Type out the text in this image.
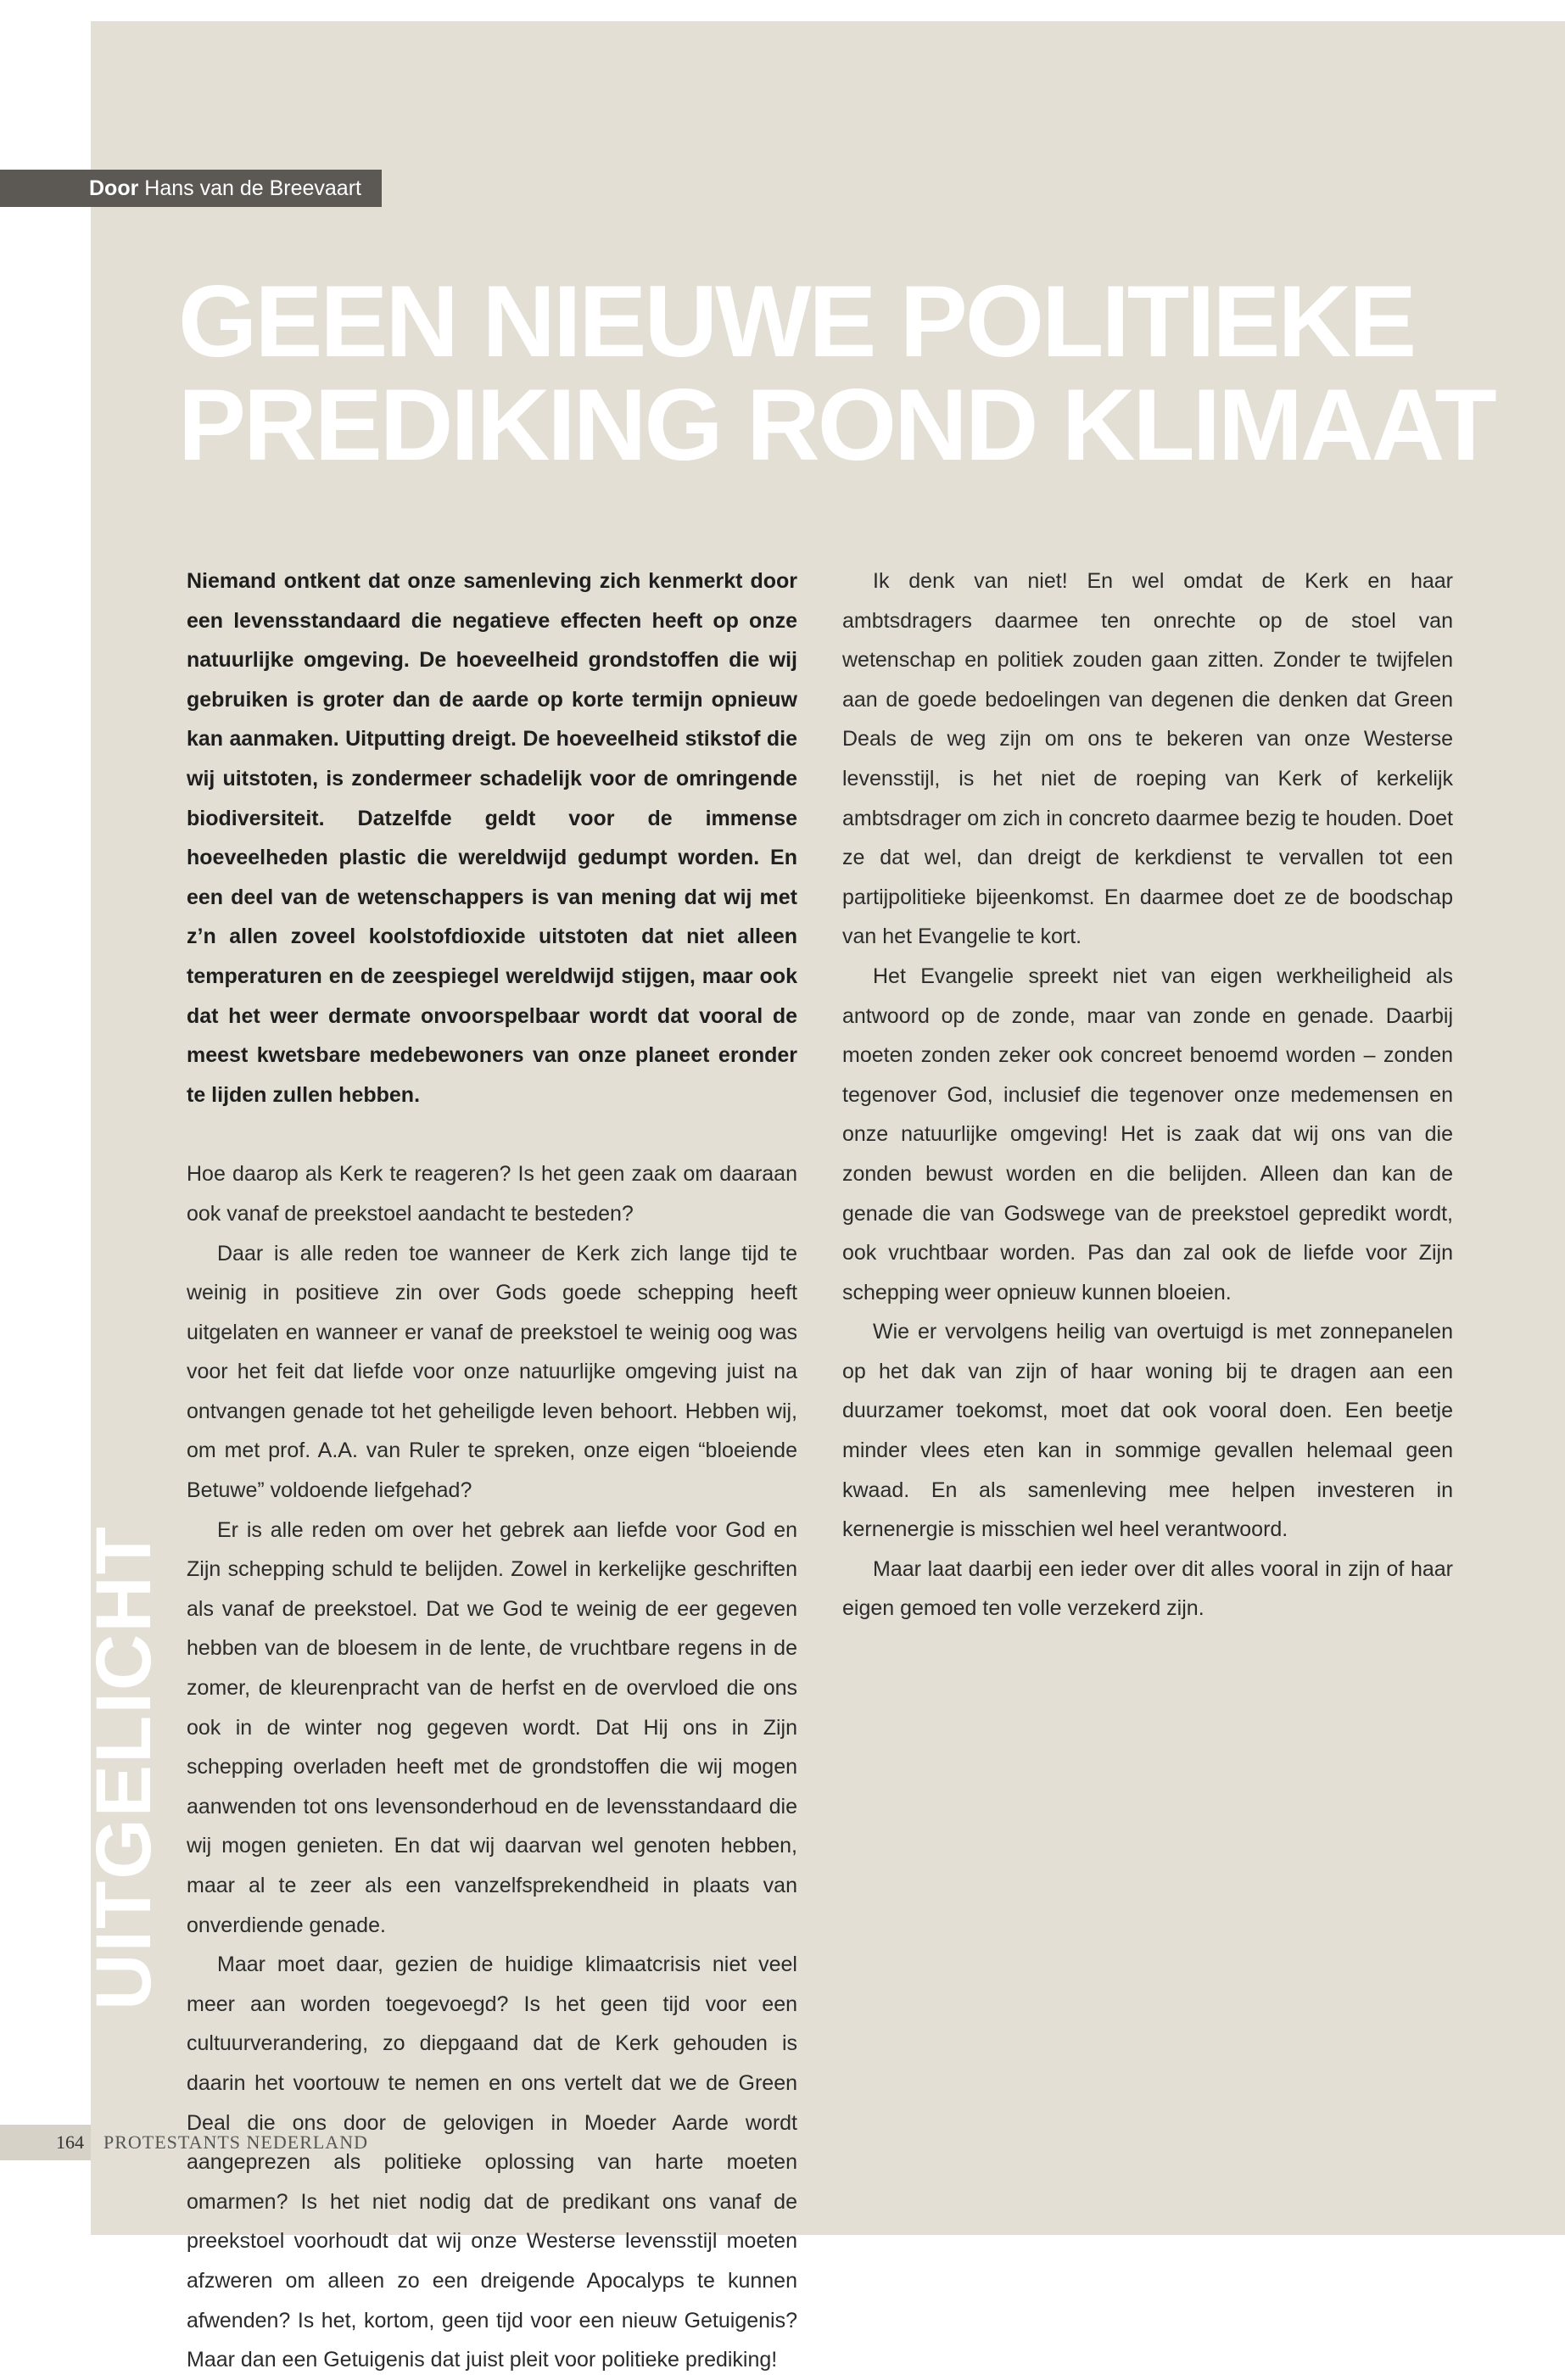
Door Hans van de Breevaart
GEEN NIEUWE POLITIEKE
PREDIKING ROND KLIMAAT

Niemand ontkent dat onze samenleving zich kenmerkt door een levensstandaard die negatieve effecten heeft op onze natuurlijke omgeving. De hoeveelheid grondstoffen die wij gebruiken is groter dan de aarde op korte termijn opnieuw kan aanmaken. Uitputting dreigt. De hoeveelheid stikstof die wij uitstoten, is zondermeer schadelijk voor de omringende biodiversiteit. Datzelfde geldt voor de immense hoeveelheden plastic die wereldwijd gedumpt worden. En een deel van de wetenschappers is van mening dat wij met z’n allen zoveel koolstofdioxide uitstoten dat niet alleen temperaturen en de zeespiegel wereldwijd stijgen, maar ook dat het weer dermate onvoorspelbaar wordt dat vooral de meest kwetsbare medebewoners van onze planeet eronder te lijden zullen hebben.

Hoe daarop als Kerk te reageren? Is het geen zaak om daaraan ook vanaf de preekstoel aandacht te besteden?

Daar is alle reden toe wanneer de Kerk zich lange tijd te weinig in positieve zin over Gods goede schepping heeft uitgelaten en wanneer er vanaf de preekstoel te weinig oog was voor het feit dat liefde voor onze natuurlijke omgeving juist na ontvangen genade tot het geheiligde leven behoort. Hebben wij, om met prof. A.A. van Ruler te spreken, onze eigen “bloeiende Betuwe” voldoende liefgehad?

Er is alle reden om over het gebrek aan liefde voor God en Zijn schepping schuld te belijden. Zowel in kerkelijke geschriften als vanaf de preekstoel. Dat we God te weinig de eer gegeven hebben van de bloesem in de lente, de vruchtbare regens in de zomer, de kleurenpracht van de herfst en de overvloed die ons ook in de winter nog gegeven wordt. Dat Hij ons in Zijn schepping overladen heeft met de grondstoffen die wij mogen aanwenden tot ons levensonderhoud en de levensstandaard die wij mogen genieten. En dat wij daarvan wel genoten hebben, maar al te zeer als een vanzelfsprekendheid in plaats van onverdiende genade.

Maar moet daar, gezien de huidige klimaatcrisis niet veel meer aan worden toegevoegd? Is het geen tijd voor een cultuurverandering, zo diepgaand dat de Kerk gehouden is daarin het voortouw te nemen en ons vertelt dat we de Green Deal die ons door de gelovigen in Moeder Aarde wordt aangeprezen als politieke oplossing van harte moeten omarmen? Is het niet nodig dat de predikant ons vanaf de preekstoel voorhoudt dat wij onze Westerse levensstijl moeten afzweren om alleen zo een dreigende Apocalyps te kunnen afwenden? Is het, kortom, geen tijd voor een nieuw Getuigenis? Maar dan een Getuigenis dat juist pleit voor politieke prediking!

Ik denk van niet! En wel omdat de Kerk en haar ambtsdragers daarmee ten onrechte op de stoel van wetenschap en politiek zouden gaan zitten. Zonder te twijfelen aan de goede bedoelingen van degenen die denken dat Green Deals de weg zijn om ons te bekeren van onze Westerse levensstijl, is het niet de roeping van Kerk of kerkelijk ambtsdrager om zich in concreto daarmee bezig te houden. Doet ze dat wel, dan dreigt de kerkdienst te vervallen tot een partijpolitieke bijeenkomst. En daarmee doet ze de boodschap van het Evangelie te kort.

Het Evangelie spreekt niet van eigen werkheiligheid als antwoord op de zonde, maar van zonde en genade. Daarbij moeten zonden zeker ook concreet benoemd worden – zonden tegenover God, inclusief die tegenover onze medemensen en onze natuurlijke omgeving! Het is zaak dat wij ons van die zonden bewust worden en die belijden. Alleen dan kan de genade die van Godswege van de preekstoel gepredikt wordt, ook vruchtbaar worden. Pas dan zal ook de liefde voor Zijn schepping weer opnieuw kunnen bloeien.

Wie er vervolgens heilig van overtuigd is met zonnepanelen op het dak van zijn of haar woning bij te dragen aan een duurzamer toekomst, moet dat ook vooral doen. Een beetje minder vlees eten kan in sommige gevallen helemaal geen kwaad. En als samenleving mee helpen investeren in kernenergie is misschien wel heel verantwoord.

Maar laat daarbij een ieder over dit alles vooral in zijn of haar eigen gemoed ten volle verzekerd zijn.

UITGELICHT
164	PROTESTANTS NEDERLAND
